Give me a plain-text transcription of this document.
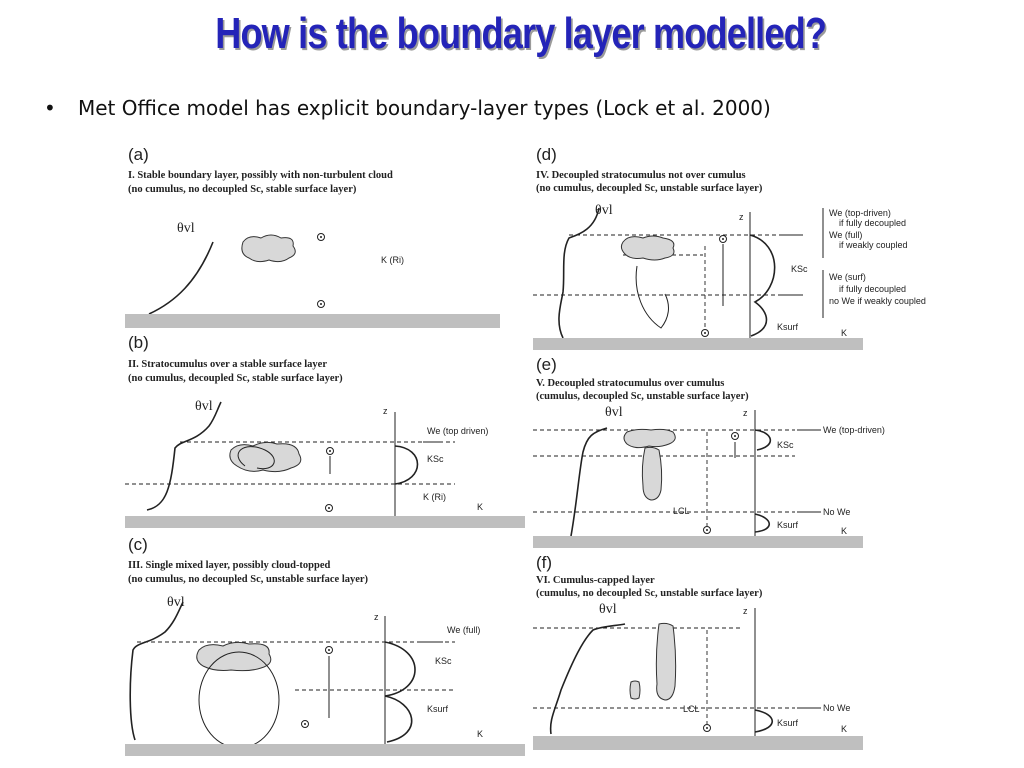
How is the boundary layer modelled?
• Met Office model has explicit boundary-layer types (Lock et al. 2000)
(a)
I. Stable boundary layer, possibly with non-turbulent cloud
(no cumulus, no decoupled Sc, stable surface layer)
θvl
K (Ri)
(b)
II. Stratocumulus over a stable surface layer
(no cumulus, decoupled Sc, stable surface layer)
θvl	z
We (top driven)
KSc
K (Ri)
K
(c)
III. Single mixed layer, possibly cloud-topped
(no cumulus, no decoupled Sc, unstable surface layer)
θvl
z
We (full)
KSc
Ksurf
K
(d)
IV. Decoupled stratocumulus not over cumulus
(no cumulus, decoupled Sc, unstable surface layer)
θvl	z
KSc
Ksurf
We (top-driven)
if fully decoupled
We (full)
if weakly coupled
We (surf)
if fully decoupled
no We if weakly coupled
K
(e)
V. Decoupled stratocumulus over cumulus
(cumulus, decoupled Sc, unstable surface layer)
θvl
LCL
z
KSc
Ksurf
We (top-driven)
No We
K
(f)
VI. Cumulus-capped layer
(cumulus, no decoupled Sc, unstable surface layer)
θvl
LCL
z
Ksurf
No We
K
